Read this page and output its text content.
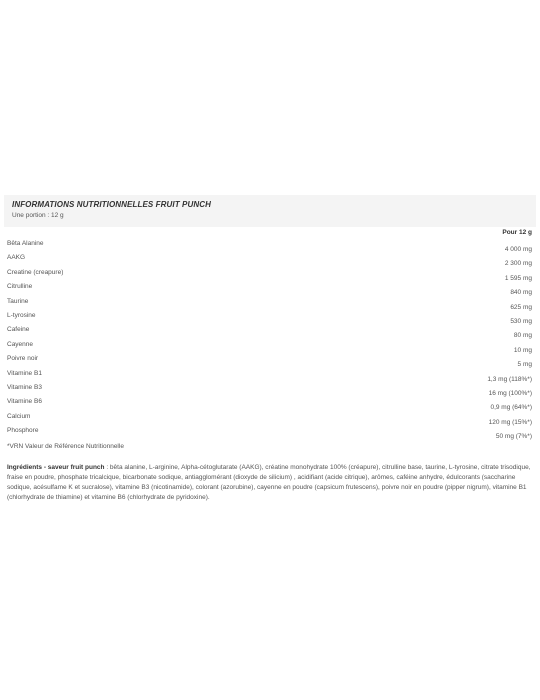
INFORMATIONS NUTRITIONNELLES FRUIT PUNCH
Une portion : 12 g
Pour 12 g
Bêta Alanine
4 000 mg
AAKG
2 300 mg
Creatine (creapure)
1 595 mg
Citrulline
840 mg
Taurine
625 mg
L-tyrosine
530 mg
Cafeine
80 mg
Cayenne
10 mg
Poivre noir
5 mg
Vitamine B1
1,3 mg (118%*)
Vitamine B3
16 mg (100%*)
Vitamine B6
0,9 mg (64%*)
Calcium
120 mg (15%*)
Phosphore
50 mg (7%*)
*VRN Valeur de Référence Nutritionnelle
Ingrédients - saveur fruit punch : bêta alanine, L-arginine, Alpha-cétoglutarate (AAKG), créatine monohydrate 100% (créapure), citrulline base, taurine, L-tyrosine, citrate trisodique, fraise en poudre, phosphate tricalcique, bicarbonate sodique, antiagglomérant (dioxyde de silicium) , acidifiant (acide citrique), arômes, caféine anhydre, édulcorants (saccharine sodique, acésulfame K et sucralose), vitamine B3 (nicotinamide), colorant (azorubine), cayenne en poudre (capsicum frutescens), poivre noir en poudre (pipper nigrum), vitamine B1 (chlorhydrate de thiamine) et vitamine B6 (chlorhydrate de pyridoxine).
